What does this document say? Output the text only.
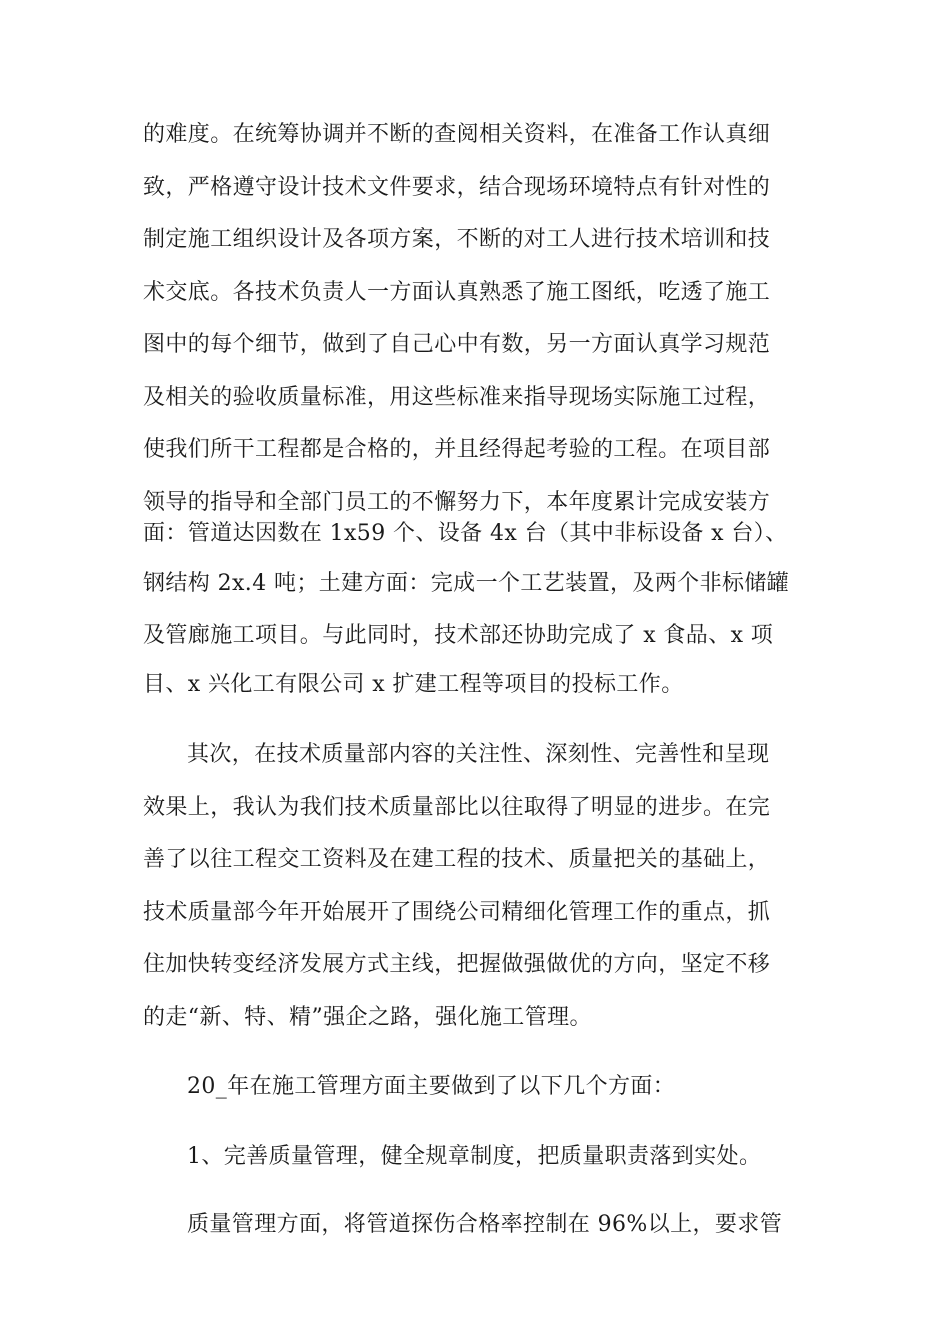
的难度。在统筹协调并不断的查阅相关资料，在准备工作认真细
致，严格遵守设计技术文件要求，结合现场环境特点有针对性的
制定施工组织设计及各项方案，不断的对工人进行技术培训和技
术交底。各技术负责人一方面认真熟悉了施工图纸，吃透了施工
图中的每个细节，做到了自己心中有数，另一方面认真学习规范
及相关的验收质量标准，用这些标准来指导现场实际施工过程，
使我们所干工程都是合格的，并且经得起考验的工程。在项目部
领导的指导和全部门员工的不懈努力下，本年度累计完成安装方
面：管道达因数在 1x59 个、设备 4x 台（其中非标设备 x 台）、
钢结构 2x.4 吨；土建方面：完成一个工艺装置，及两个非标储罐
及管廊施工项目。与此同时，技术部还协助完成了 x 食品、x 项
目、x 兴化工有限公司 x 扩建工程等项目的投标工作。
其次，在技术质量部内容的关注性、深刻性、完善性和呈现
效果上，我认为我们技术质量部比以往取得了明显的进步。在完
善了以往工程交工资料及在建工程的技术、质量把关的基础上，
技术质量部今年开始展开了围绕公司精细化管理工作的重点，抓
住加快转变经济发展方式主线，把握做强做优的方向，坚定不移
的走“新、特、精”强企之路，强化施工管理。
20_年在施工管理方面主要做到了以下几个方面：
1、完善质量管理，健全规章制度，把质量职责落到实处。
质量管理方面，将管道探伤合格率控制在 96%以上，要求管
